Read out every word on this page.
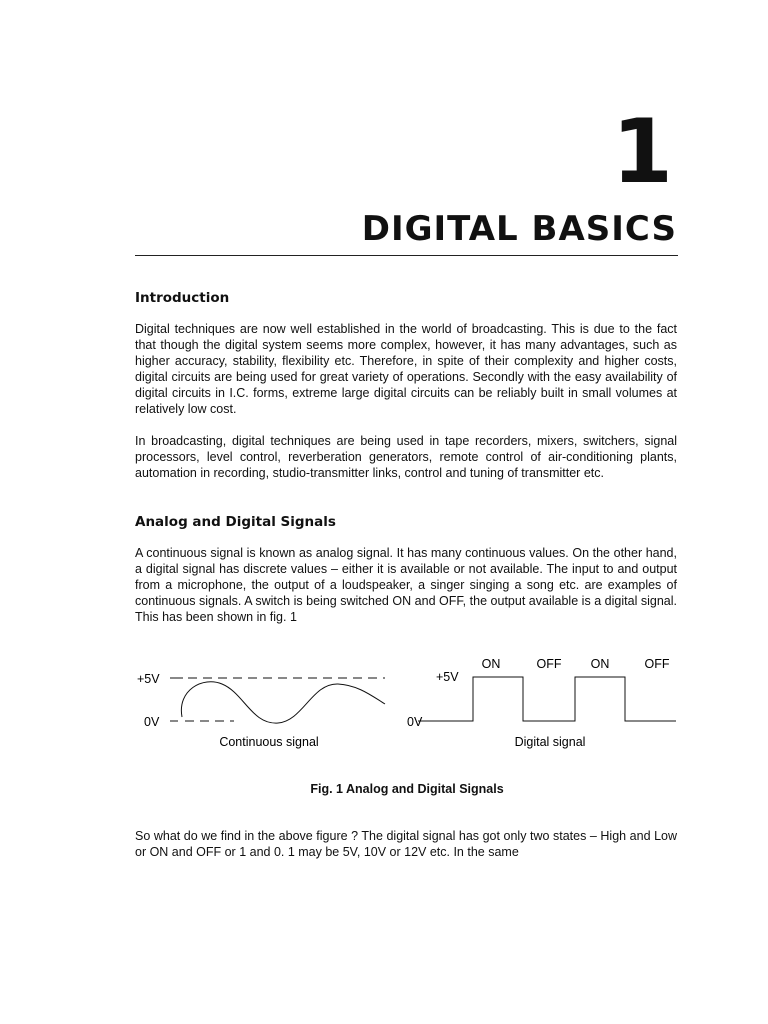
1
DIGITAL BASICS
Introduction
Digital techniques are now well established in the world of broadcasting. This is due to the fact that though the digital system seems more complex, however, it has many advantages, such as higher accuracy, stability, flexibility etc. Therefore, in spite of their complexity and higher costs, digital circuits are being used for great variety of operations. Secondly with the easy availability of digital circuits in I.C. forms, extreme large digital circuits can be reliably built in small volumes at relatively low cost.
In broadcasting, digital techniques are being used in tape recorders, mixers, switchers, signal processors, level control, reverberation generators, remote control of air-conditioning plants, automation in recording, studio-transmitter links, control and tuning of transmitter etc.
Analog and Digital Signals
A continuous signal is known as analog signal. It has many continuous values. On the other hand, a digital signal has discrete values – either it is available or not available. The input to and output from a microphone, the output of a loudspeaker, a singer singing a song etc. are examples of continuous signals. A switch is being switched ON and OFF, the output available is a digital signal. This has been shown in fig. 1
+5V
0V
Continuous signal
+5V
0V
ON	OFF ON	OFF
Digital signal
Fig. 1 Analog and Digital Signals
So what do we find in the above figure ? The digital signal has got only two states – High and Low or ON and OFF or 1 and 0. 1 may be 5V, 10V or 12V etc. In the same
